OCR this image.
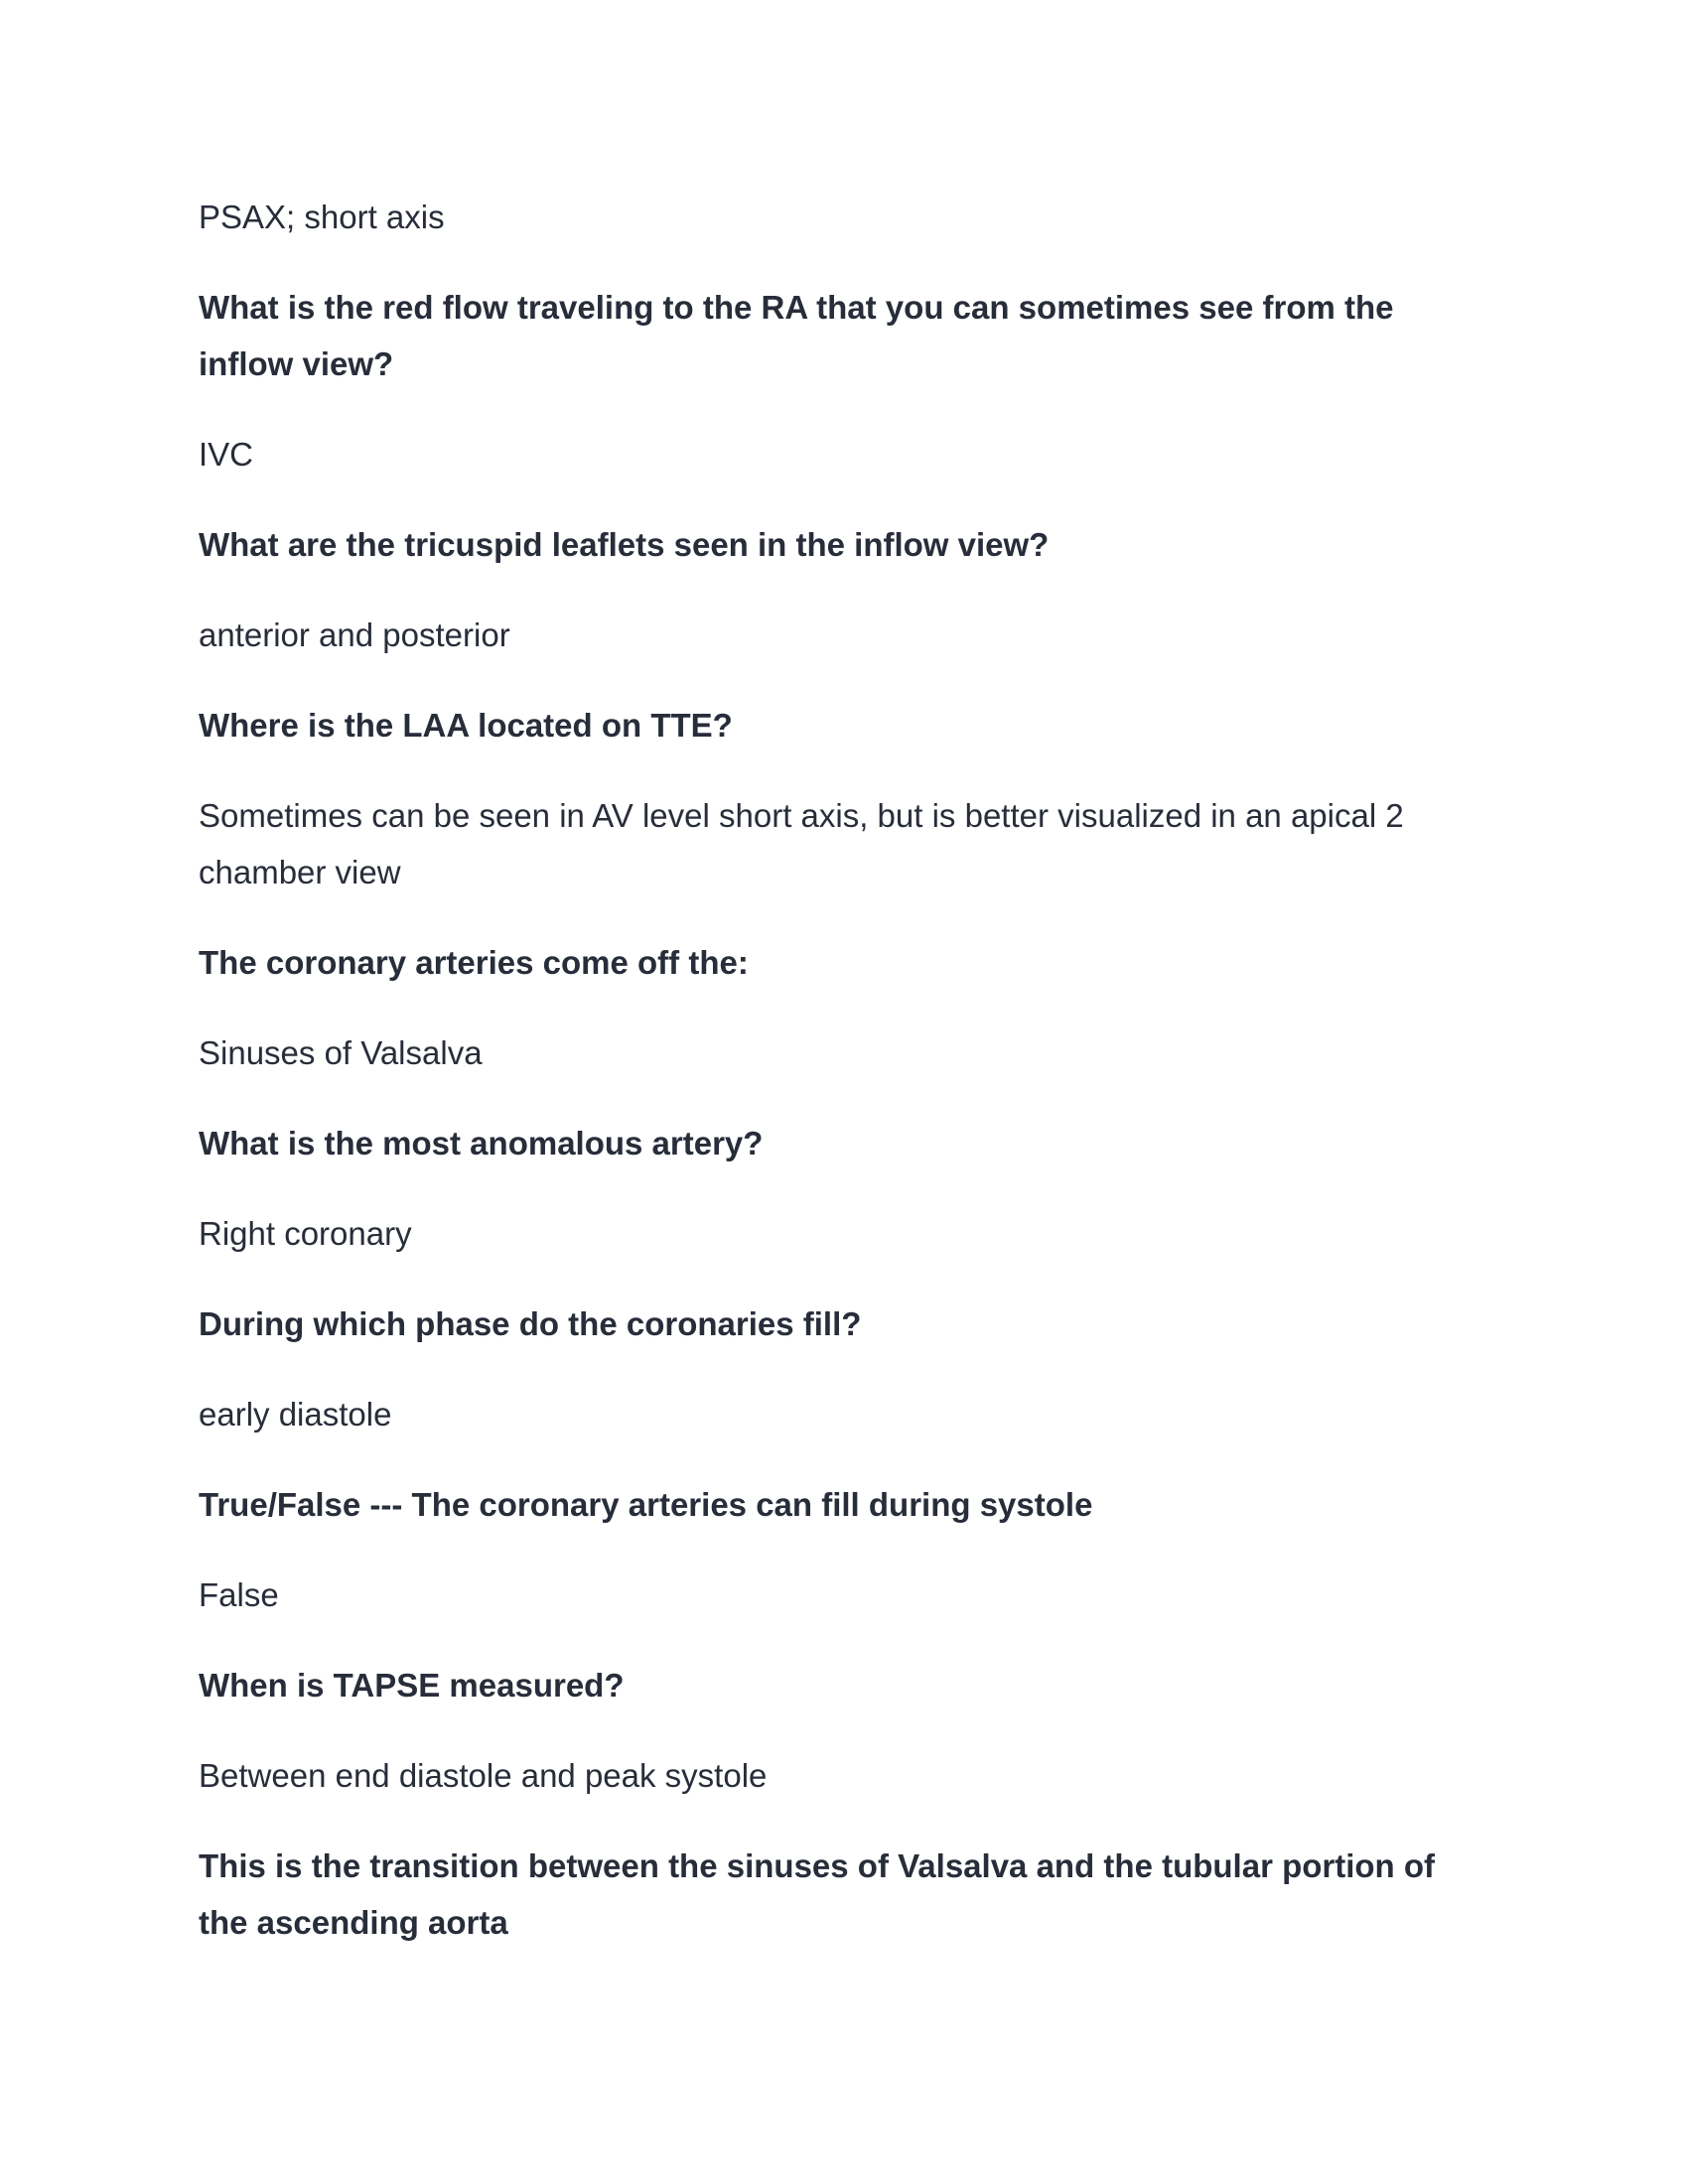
PSAX; short axis

What is the red flow traveling to the RA that you can sometimes see from the inflow view?

IVC

What are the tricuspid leaflets seen in the inflow view?

anterior and posterior

Where is the LAA located on TTE?

Sometimes can be seen in AV level short axis, but is better visualized in an apical 2 chamber view

The coronary arteries come off the:

Sinuses of Valsalva

What is the most anomalous artery?

Right coronary

During which phase do the coronaries fill?

early diastole

True/False --- The coronary arteries can fill during systole

False

When is TAPSE measured?

Between end diastole and peak systole

This is the transition between the sinuses of Valsalva and the tubular portion of the ascending aorta
